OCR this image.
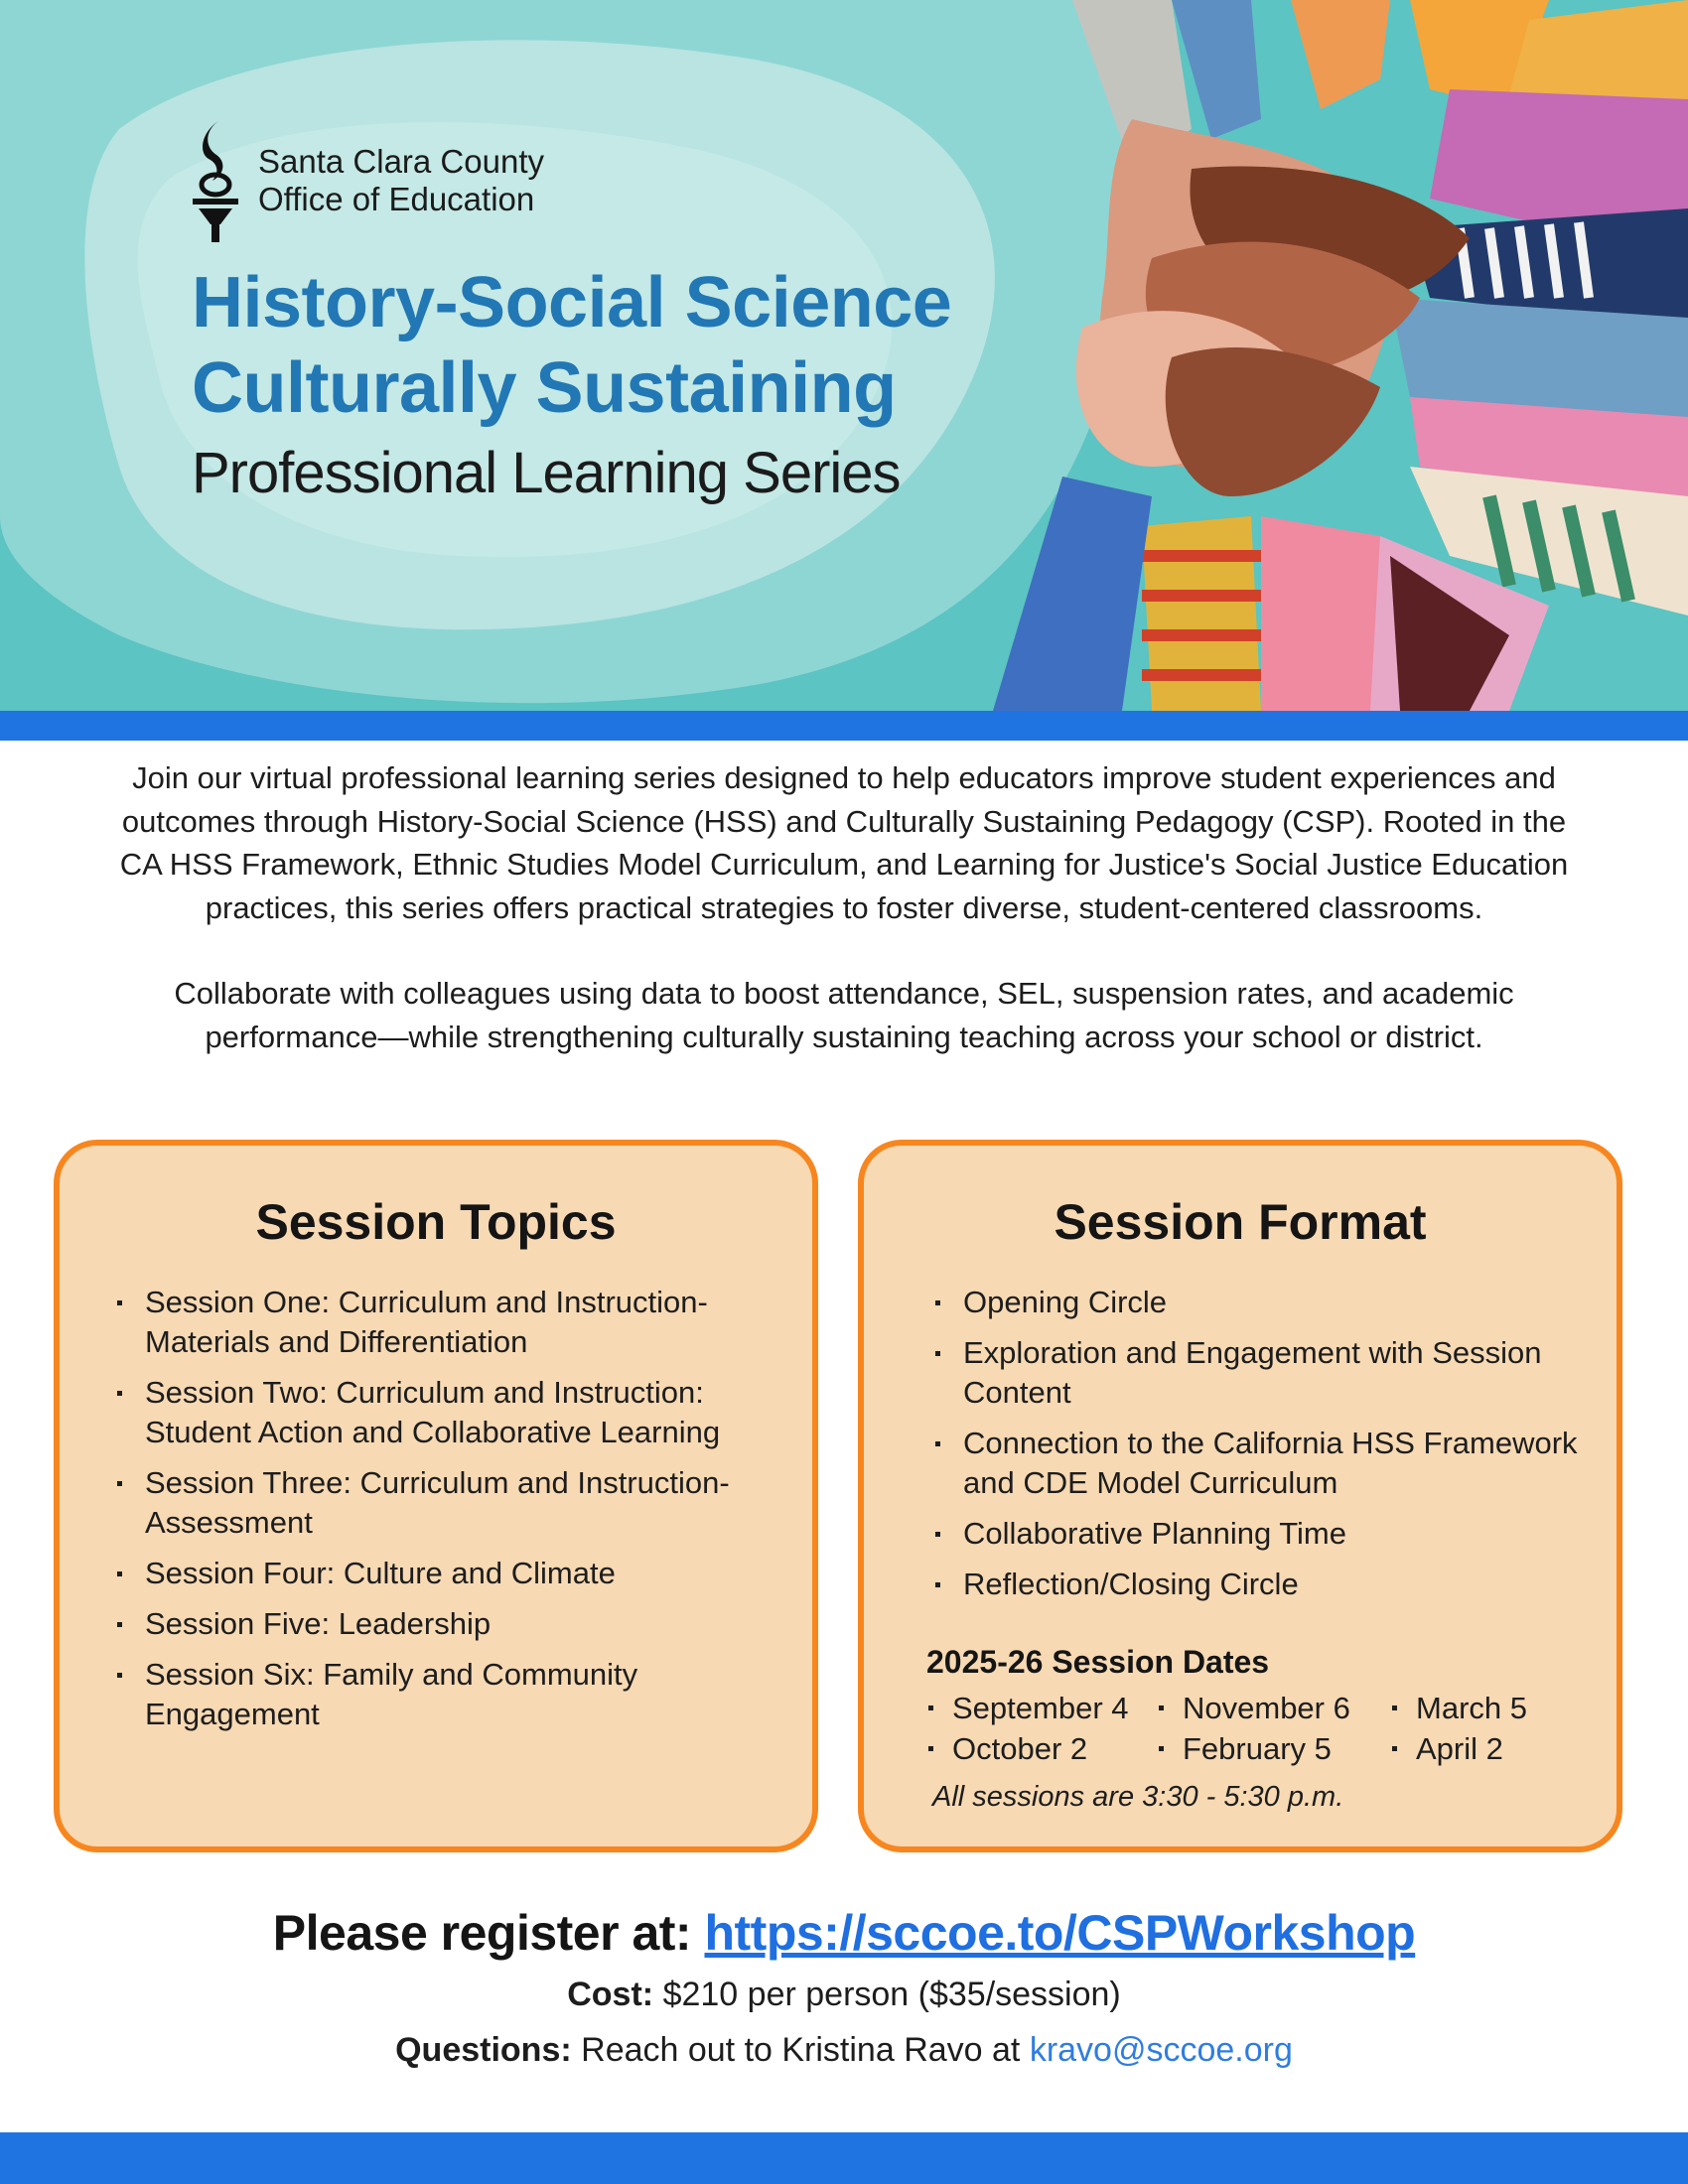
Santa Clara County
Office of Education
History-Social Science
Culturally Sustaining
Professional Learning Series

Join our virtual professional learning series designed to help educators improve student experiences and outcomes through History-Social Science (HSS) and Culturally Sustaining Pedagogy (CSP). Rooted in the CA HSS Framework, Ethnic Studies Model Curriculum, and Learning for Justice's Social Justice Education practices, this series offers practical strategies to foster diverse, student-centered classrooms.

Collaborate with colleagues using data to boost attendance, SEL, suspension rates, and academic performance—while strengthening culturally sustaining teaching across your school or district.

Session Topics
Session One: Curriculum and Instruction-Materials and Differentiation
Session Two: Curriculum and Instruction: Student Action and Collaborative Learning
Session Three: Curriculum and Instruction-Assessment
Session Four: Culture and Climate
Session Five: Leadership
Session Six: Family and Community Engagement
Session Format
Opening Circle
Exploration and Engagement with Session Content
Connection to the California HSS Framework and CDE Model Curriculum
Collaborative Planning Time
Reflection/Closing Circle
2025-26 Session Dates
September 4	November 6	March 5
October 2	February 5	April 2
All sessions are 3:30 - 5:30 p.m.
Please register at: https://sccoe.to/CSPWorkshop
Cost: $210 per person ($35/session)
Questions: Reach out to Kristina Ravo at kravo@sccoe.org
